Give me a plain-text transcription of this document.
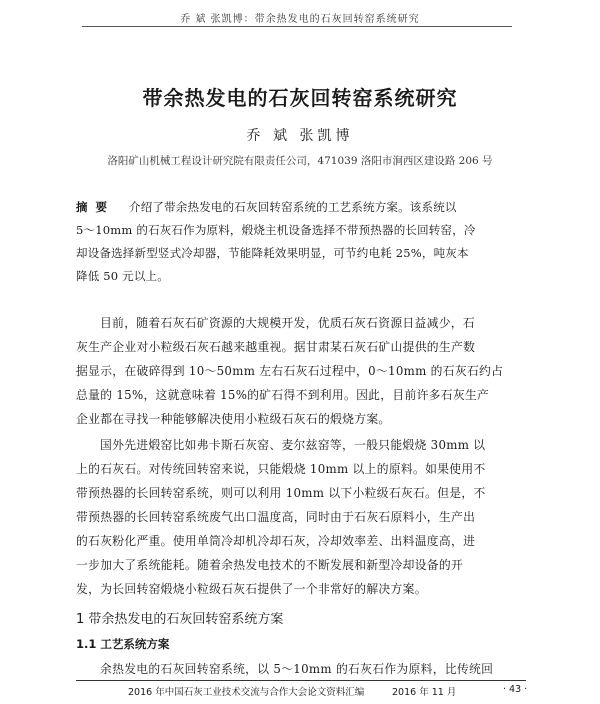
乔 斌 张凯博：带余热发电的石灰回转窑系统研究
带余热发电的石灰回转窑系统研究
乔 斌 张凯博
洛阳矿山机械工程设计研究院有限责任公司，471039 洛阳市涧西区建设路 206 号
摘要 介绍了带余热发电的石灰回转窑系统的工艺系统方案。该系统以
5～10mm 的石灰石作为原料，煅烧主机设备选择不带预热器的长回转窑，冷
却设备选择新型竖式冷却器，节能降耗效果明显，可节约电耗 25%，吨灰本
降低 50 元以上。
目前，随着石灰石矿资源的大规模开发，优质石灰石资源日益减少，石
灰生产企业对小粒级石灰石越来越重视。据甘肃某石灰石矿山提供的生产数
据显示，在破碎得到 10～50mm 左右石灰石过程中，0～10mm 的石灰石约占
总量的 15%，这就意味着 15%的矿石得不到利用。因此，目前许多石灰生产
企业都在寻找一种能够解决使用小粒级石灰石的煅烧方案。
国外先进煅窑比如弗卡斯石灰窑、麦尔兹窑等，一般只能煅烧 30mm 以
上的石灰石。对传统回转窑来说，只能煅烧 10mm 以上的原料。如果使用不
带预热器的长回转窑系统，则可以利用 10mm 以下小粒级石灰石。但是，不
带预热器的长回转窑系统废气出口温度高，同时由于石灰石原料小，生产出
的石灰粉化严重。使用单筒冷却机冷却石灰，冷却效率差、出料温度高，进
一步加大了系统能耗。随着余热发电技术的不断发展和新型冷却设备的开
发，为长回转窑煅烧小粒级石灰石提供了一个非常好的解决方案。
1 带余热发电的石灰回转窑系统方案
1.1 工艺系统方案
余热发电的石灰回转窑系统，以 5～10mm 的石灰石作为原料，比传统回
2016 年中国石灰工业技术交流与合作大会论文资料汇编	2016 年 11 月	· 43 ·
